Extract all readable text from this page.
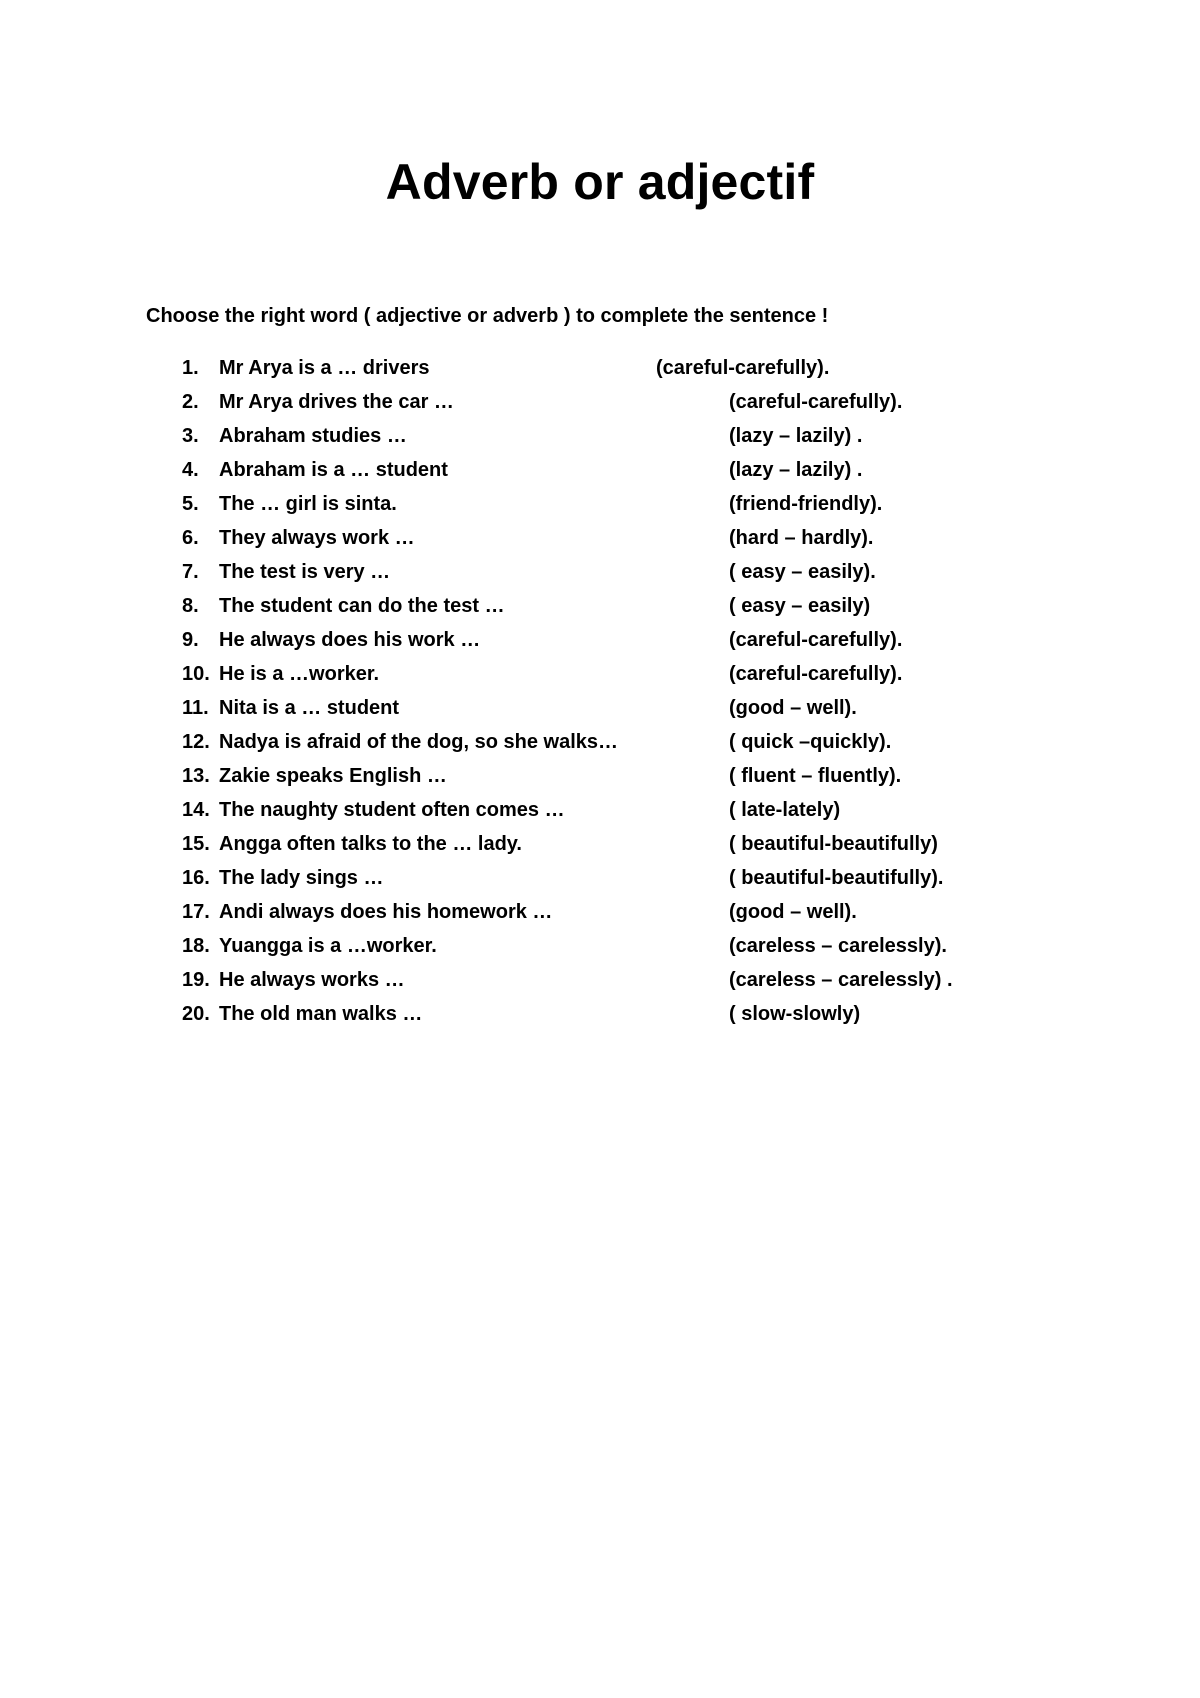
Adverb or adjectif
Choose the right word ( adjective or adverb ) to complete the sentence !
1. Mr Arya is a … drivers	(careful-carefully).
2. Mr Arya drives the car …	(careful-carefully).
3. Abraham studies …	(lazy – lazily) .
4. Abraham is a … student	(lazy – lazily) .
5. The … girl is sinta.	(friend-friendly).
6. They always work …	(hard – hardly).
7. The test is very …	( easy – easily).
8. The student can do the test …	( easy – easily)
9. He always does his work …	(careful-carefully).
10. He is a …worker.	(careful-carefully).
11. Nita is a … student	(good – well).
12. Nadya is afraid of the dog, so she walks…	( quick –quickly).
13. Zakie speaks English …	( fluent – fluently).
14. The naughty student often comes …	( late-lately)
15. Angga often talks to the … lady.	( beautiful-beautifully)
16. The lady sings …	( beautiful-beautifully).
17. Andi always does his homework …	(good – well).
18. Yuangga is a …worker.	(careless – carelessly).
19. He always works …	(careless – carelessly) .
20. The old man walks …	( slow-slowly)
